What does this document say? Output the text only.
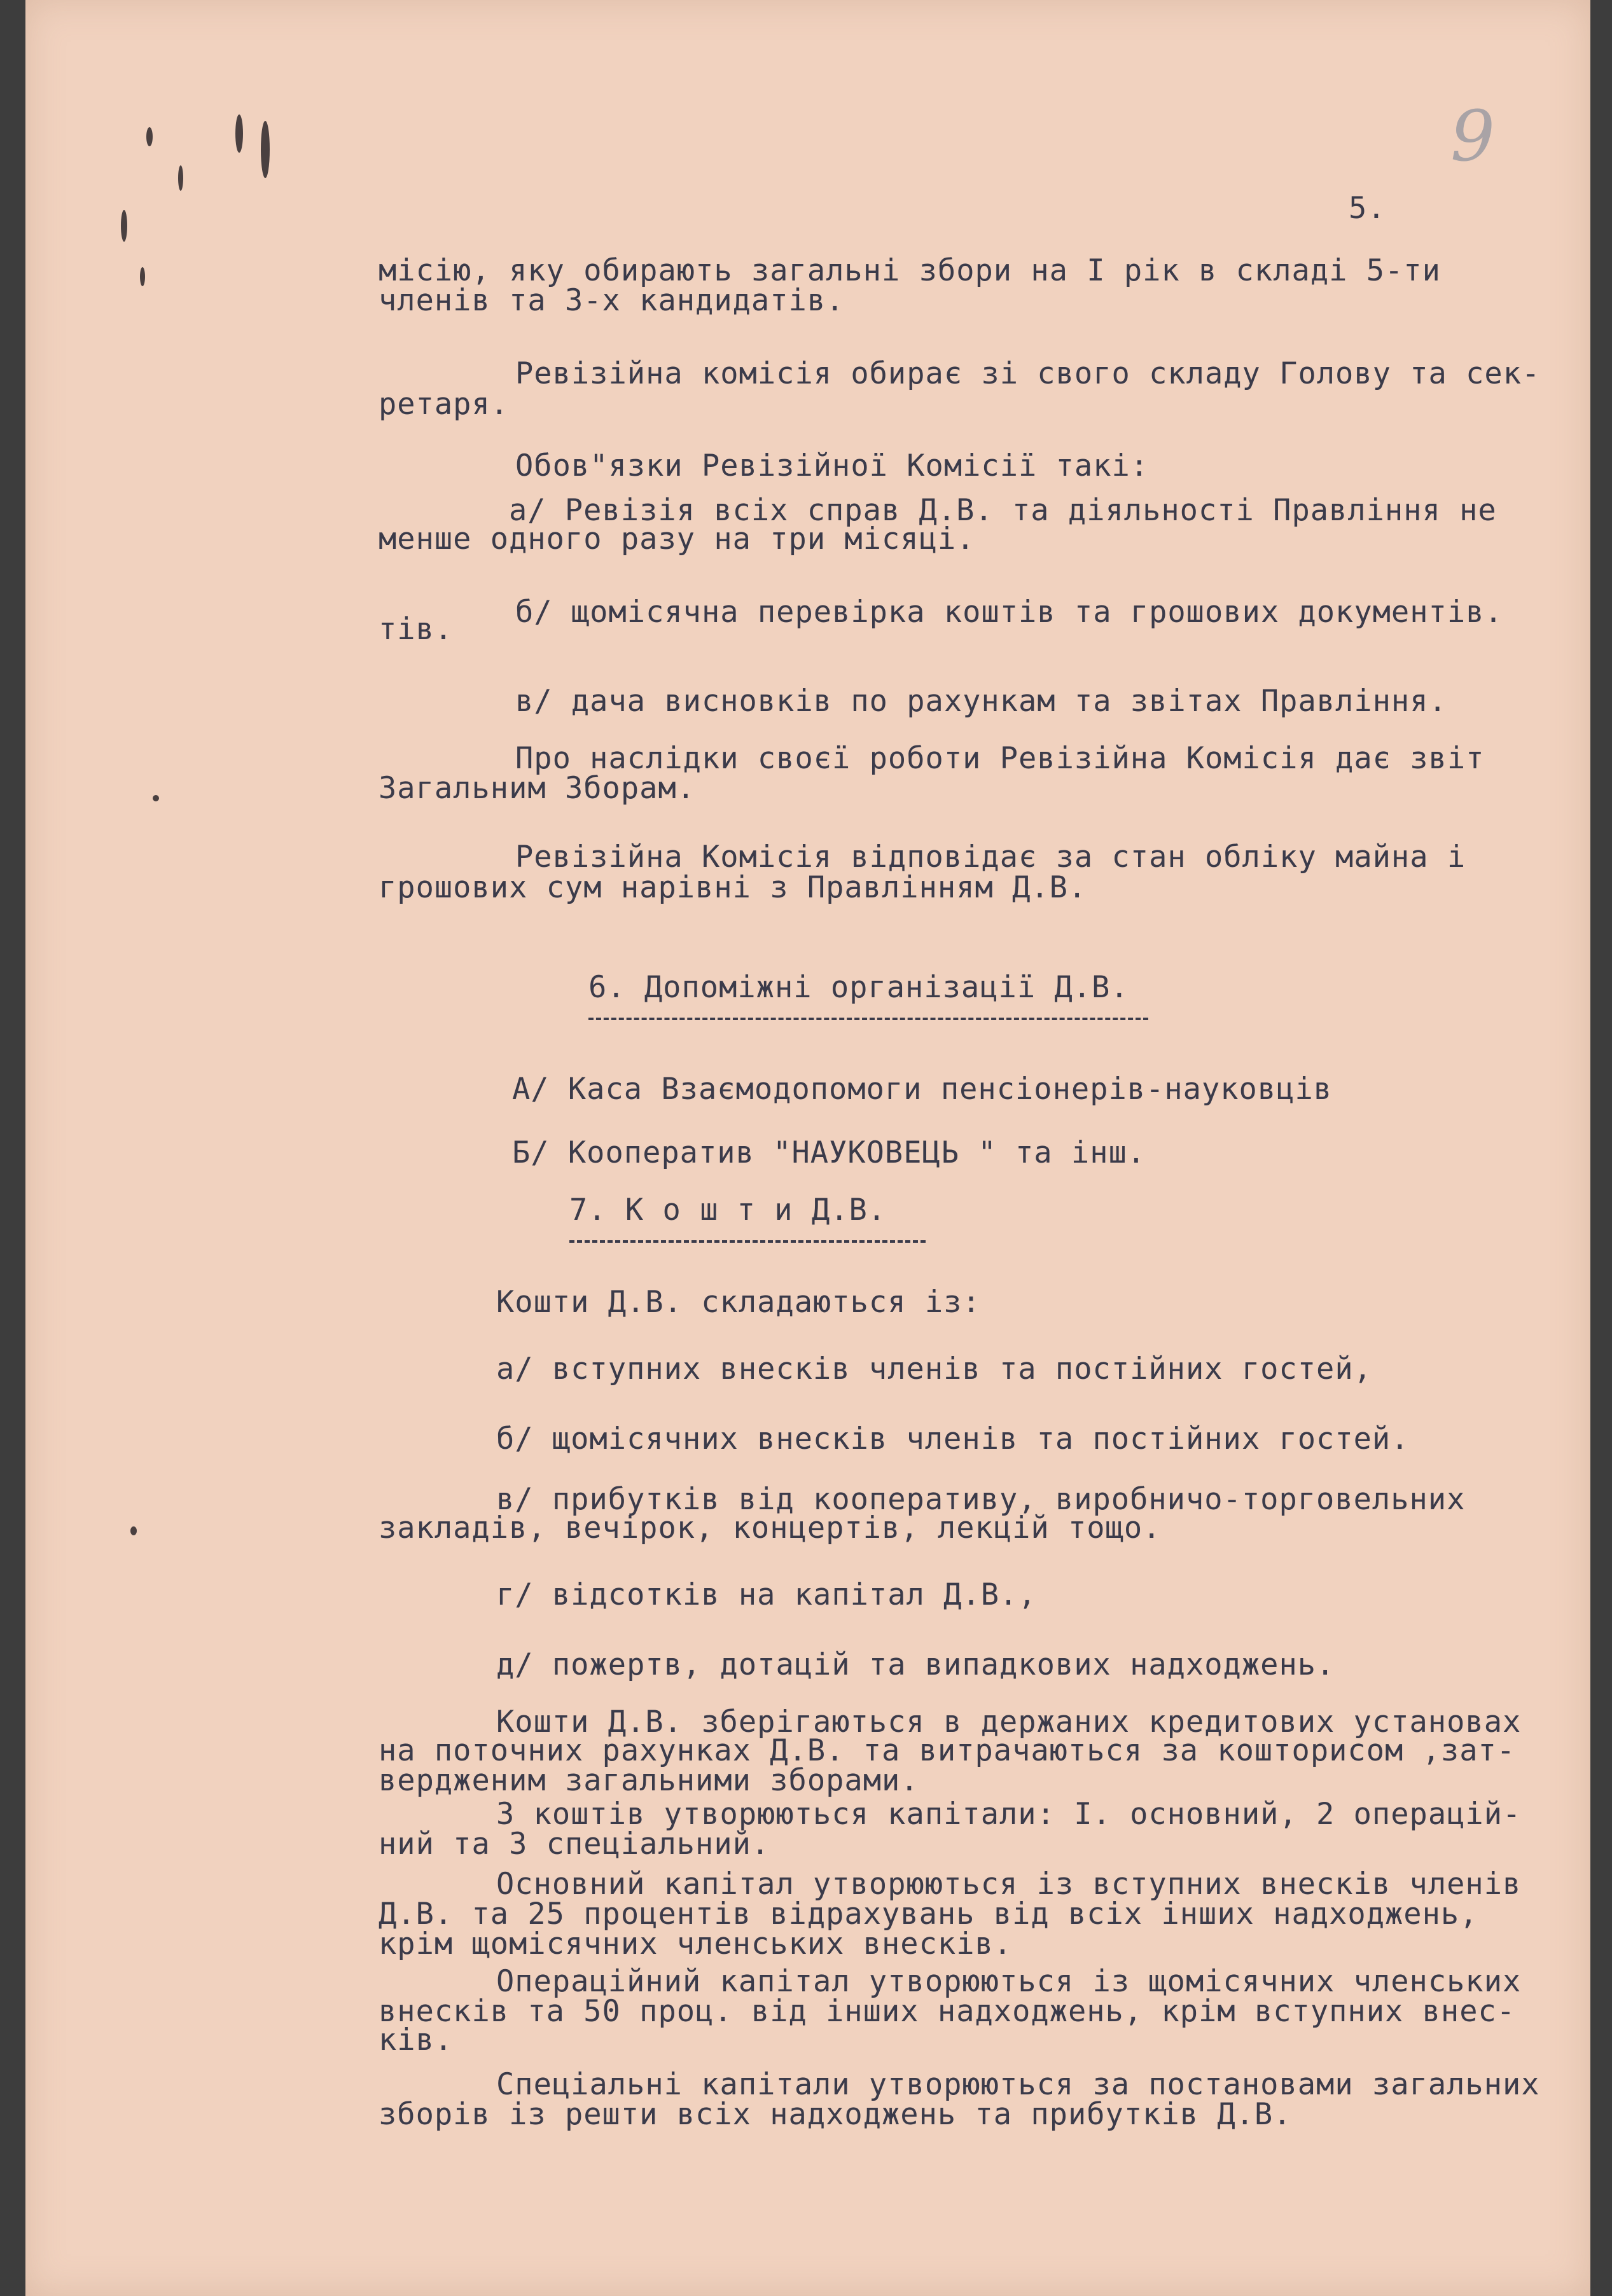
9
5.
місію, яку обирають загальні збори на І рік в складі 5-ти
членів та 3-х кандидатів.
Ревізійна комісія обирає зі свого складу Голову та сек-
ретаря.
Обов"язки Ревізійної Комісії такі:
а/ Ревізія всіх справ Д.В. та діяльності Правління не
менше одного разу на три місяці.
б/ щомісячна перевірка коштів та грошових документів.
тів.
в/ дача висновків по рахункам та звітах Правління.
Про наслідки своєї роботи Ревізійна Комісія дає звіт
Загальним Зборам.
Ревізійна Комісія відповідає за стан обліку майна і
грошових сум нарівні з Правлінням Д.В.
6. Допоміжні організації Д.В.
А/ Каса Взаємодопомоги пенсіонерів-науковців
Б/ Кооператив "НАУКОВЕЦЬ " та інш.
7. К о ш т и Д.В.
Кошти Д.В. складаються із:
а/ вступних внесків членів та постійних гостей,
б/ щомісячних внесків членів та постійних гостей.
в/ прибутків від кооперативу, виробничо-торговельних
закладів, вечірок, концертів, лекцій тощо.
г/ відсотків на капітал Д.В.,
д/ пожертв, дотацій та випадкових надходжень.
Кошти Д.В. зберігаються в держаних кредитових установах
на поточних рахунках Д.В. та витрачаються за кошторисом ,зат-
вердженим загальними зборами.
З коштів утворюються капітали: І. основний, 2 операцій-
ний та 3 спеціальний.
Основний капітал утворюються із вступних внесків членів
Д.В. та 25 процентів відрахувань від всіх інших надходжень,
крім щомісячних членських внесків.
Операційний капітал утворюються із щомісячних членських
внесків та 50 проц. від інших надходжень, крім вступних внес-
ків.
Спеціальні капітали утворюються за постановами загальних
зборів із решти всіх надходжень та прибутків Д.В.
